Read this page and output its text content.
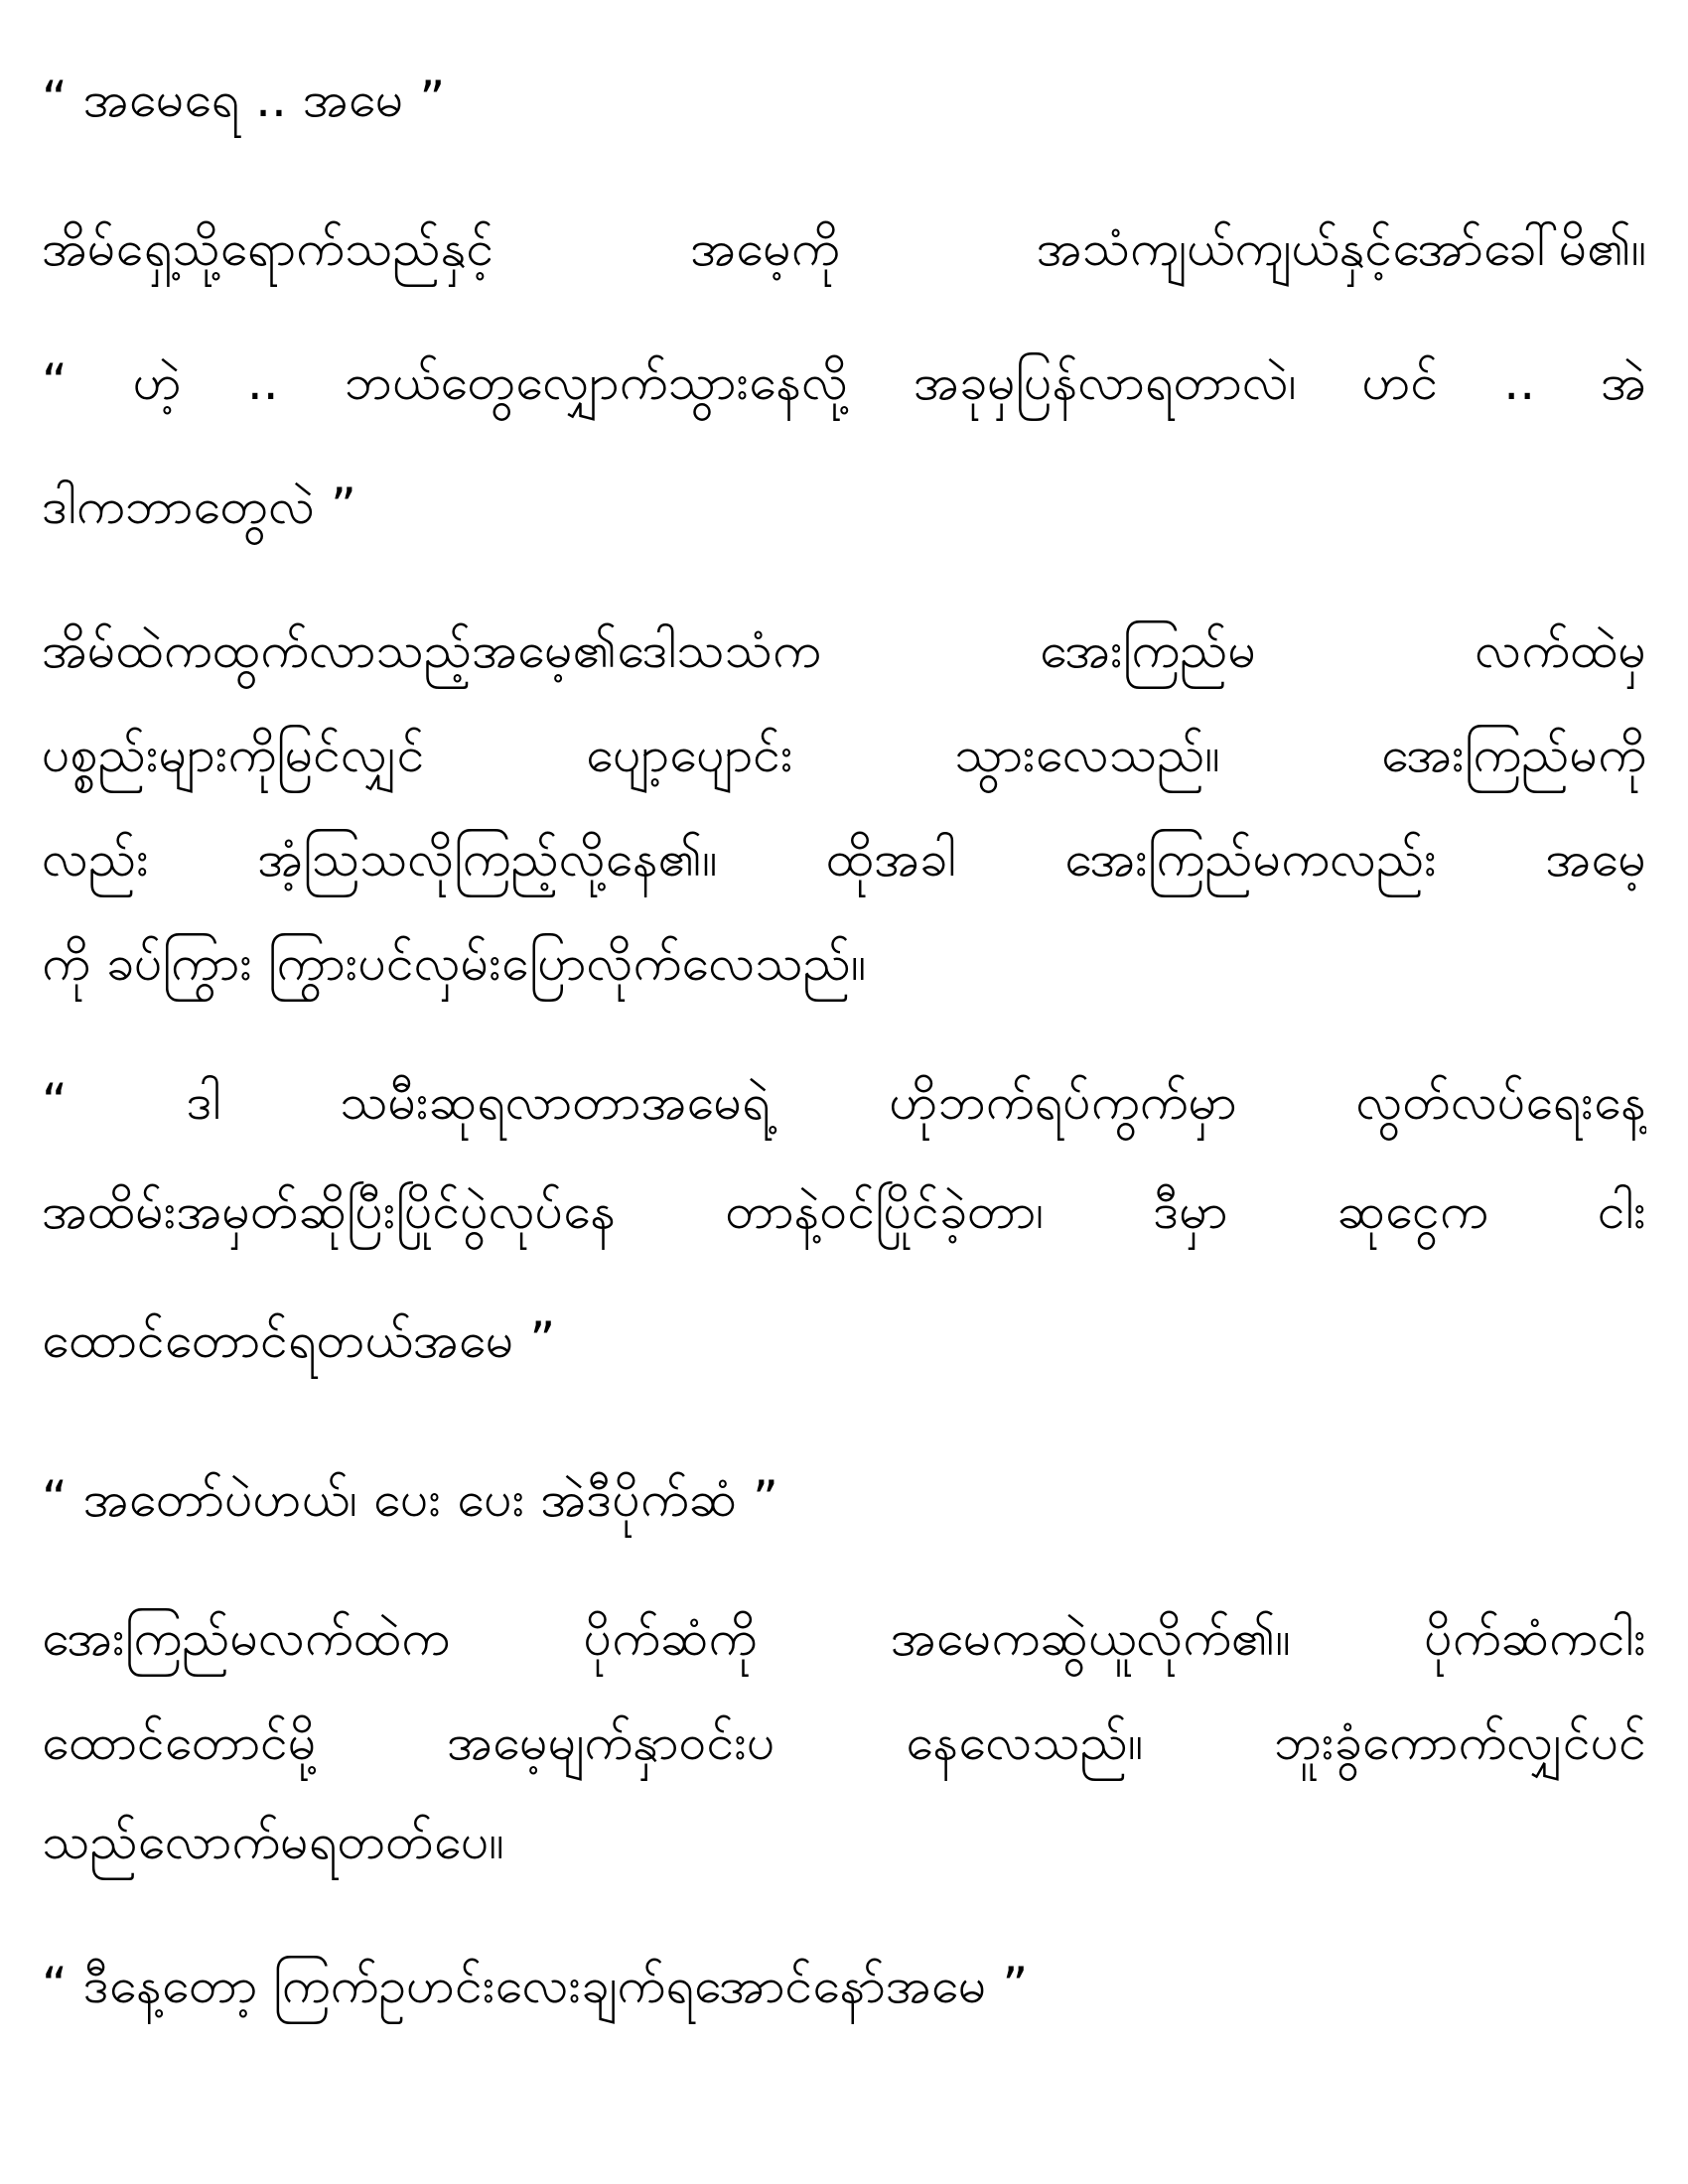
“ အမေရေ .. အမေ ”
အိမ်ရှေ့သို့ရောက်သည်နှင့် အမေ့ကို အသံကျယ်ကျယ်နှင့်အော်ခေါ်မိ၏။
“ ဟဲ့ .. ဘယ်တွေလျှောက်သွားနေလို့ အခုမှပြန်လာရတာလဲ၊ ဟင် .. အဲ
ဒါကဘာတွေလဲ ”
အိမ်ထဲကထွက်လာသည့်အမေ့၏ဒေါသသံက အေးကြည်မ လက်ထဲမှ
ပစ္စည်းများကိုမြင်လျှင် ပျော့ပျောင်း သွားလေသည်။ အေးကြည်မကို
လည်း အံ့သြသလိုကြည့်လို့နေ၏။ ထိုအခါ အေးကြည်မကလည်း အမေ့
ကို ခပ်ကြွား ကြွားပင်လှမ်းပြောလိုက်လေသည်။
“ ဒါ သမီးဆုရလာတာအမေရဲ့ ဟိုဘက်ရပ်ကွက်မှာ လွတ်လပ်ရေးနေ့
အထိမ်းအမှတ်ဆိုပြီးပြိုင်ပွဲလုပ်နေ တာနဲ့ဝင်ပြိုင်ခဲ့တာ၊ ဒီမှာ ဆုငွေက ငါး
ထောင်တောင်ရတယ်အမေ ”
“ အတော်ပဲဟယ်၊ ပေး ပေး အဲဒီပိုက်ဆံ ”
အေးကြည်မလက်ထဲက ပိုက်ဆံကို အမေကဆွဲယူလိုက်၏။ ပိုက်ဆံကငါး
ထောင်တောင်မို့ အမေ့မျက်နှာဝင်းပ နေလေသည်။ ဘူးခွံကောက်လျှင်ပင်
သည်လောက်မရတတ်ပေ။
“ ဒီနေ့တော့ ကြက်ဥဟင်းလေးချက်ရအောင်နော်အမေ ”
